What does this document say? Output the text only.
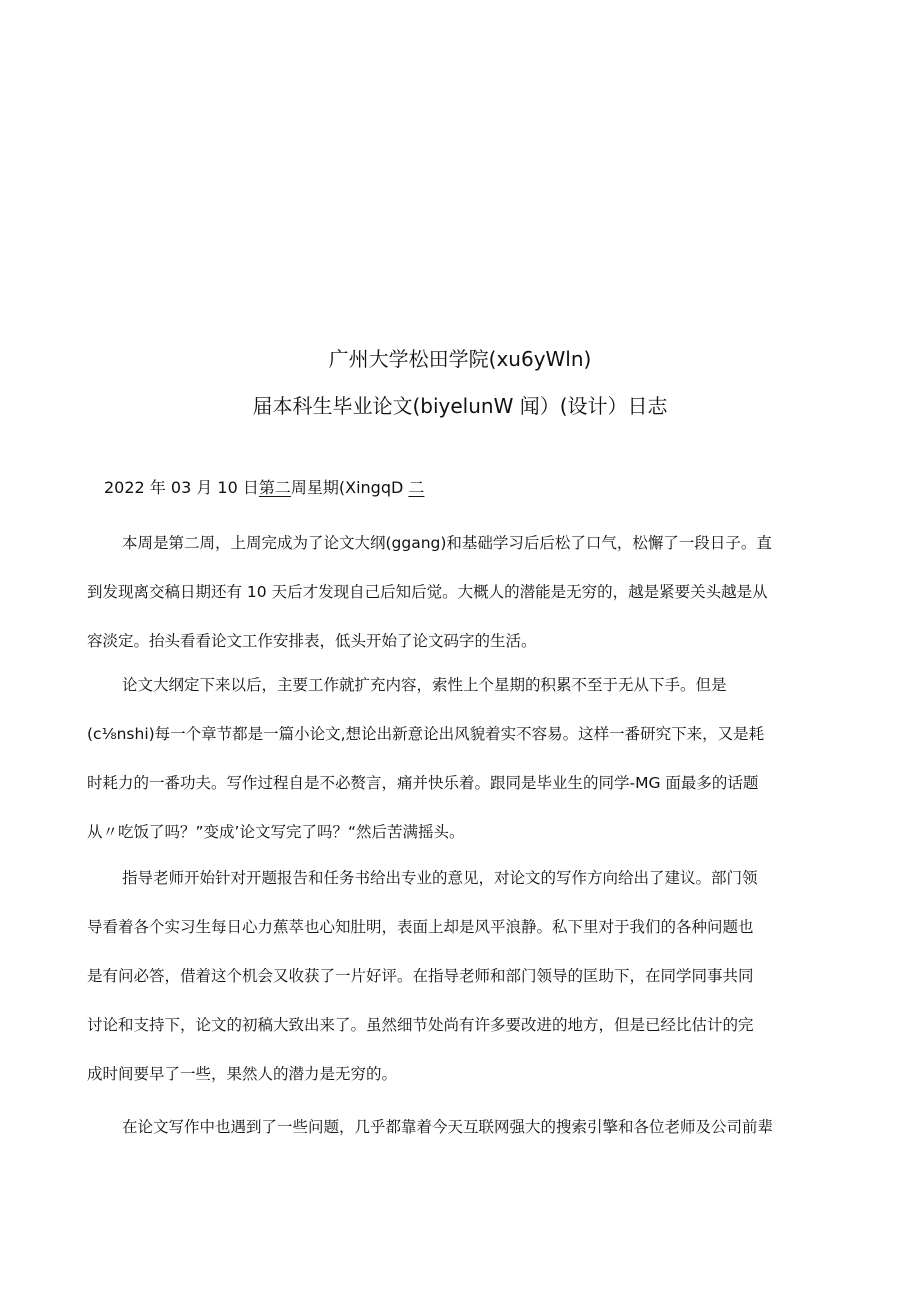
广州大学松田学院(xu6yWln)
届本科生毕业论文(biyelunW 闻）(设计）日志
2022 年 03 月 10 日第二周星期(XingqD 二
本周是第二周，上周完成为了论文大纲(ggang)和基础学习后后松了口气，松懈了一段日子。直
到发现离交稿日期还有 10 天后才发现自己后知后觉。大概人的潜能是无穷的，越是紧要关头越是从
容淡定。抬头看看论文工作安排表，低头开始了论文码字的生活。
论文大纲定下来以后，主要工作就扩充内容，索性上个星期的积累不至于无从下手。但是
(c⅛nshi)每一个章节都是一篇小论文,想论出新意论出风貌着实不容易。这样一番研究下来，又是耗
时耗力的一番功夫。写作过程自是不必赘言，痛并快乐着。跟同是毕业生的同学-MG 面最多的话题
从〃吃饭了吗？”变成’论文写完了吗？“然后苦满摇头。
指导老师开始针对开题报告和任务书给出专业的意见，对论文的写作方向给出了建议。部门领
导看着各个实习生每日心力蕉萃也心知肚明，表面上却是风平浪静。私下里对于我们的各种问题也
是有问必答，借着这个机会又收获了一片好评。在指导老师和部门领导的匡助下，在同学同事共同
讨论和支持下，论文的初稿大致出来了。虽然细节处尚有许多要改进的地方，但是已经比估计的完
成时间要早了一些，果然人的潜力是无穷的。
在论文写作中也遇到了一些问题，几乎都靠着今天互联网强大的搜索引擎和各位老师及公司前辈
